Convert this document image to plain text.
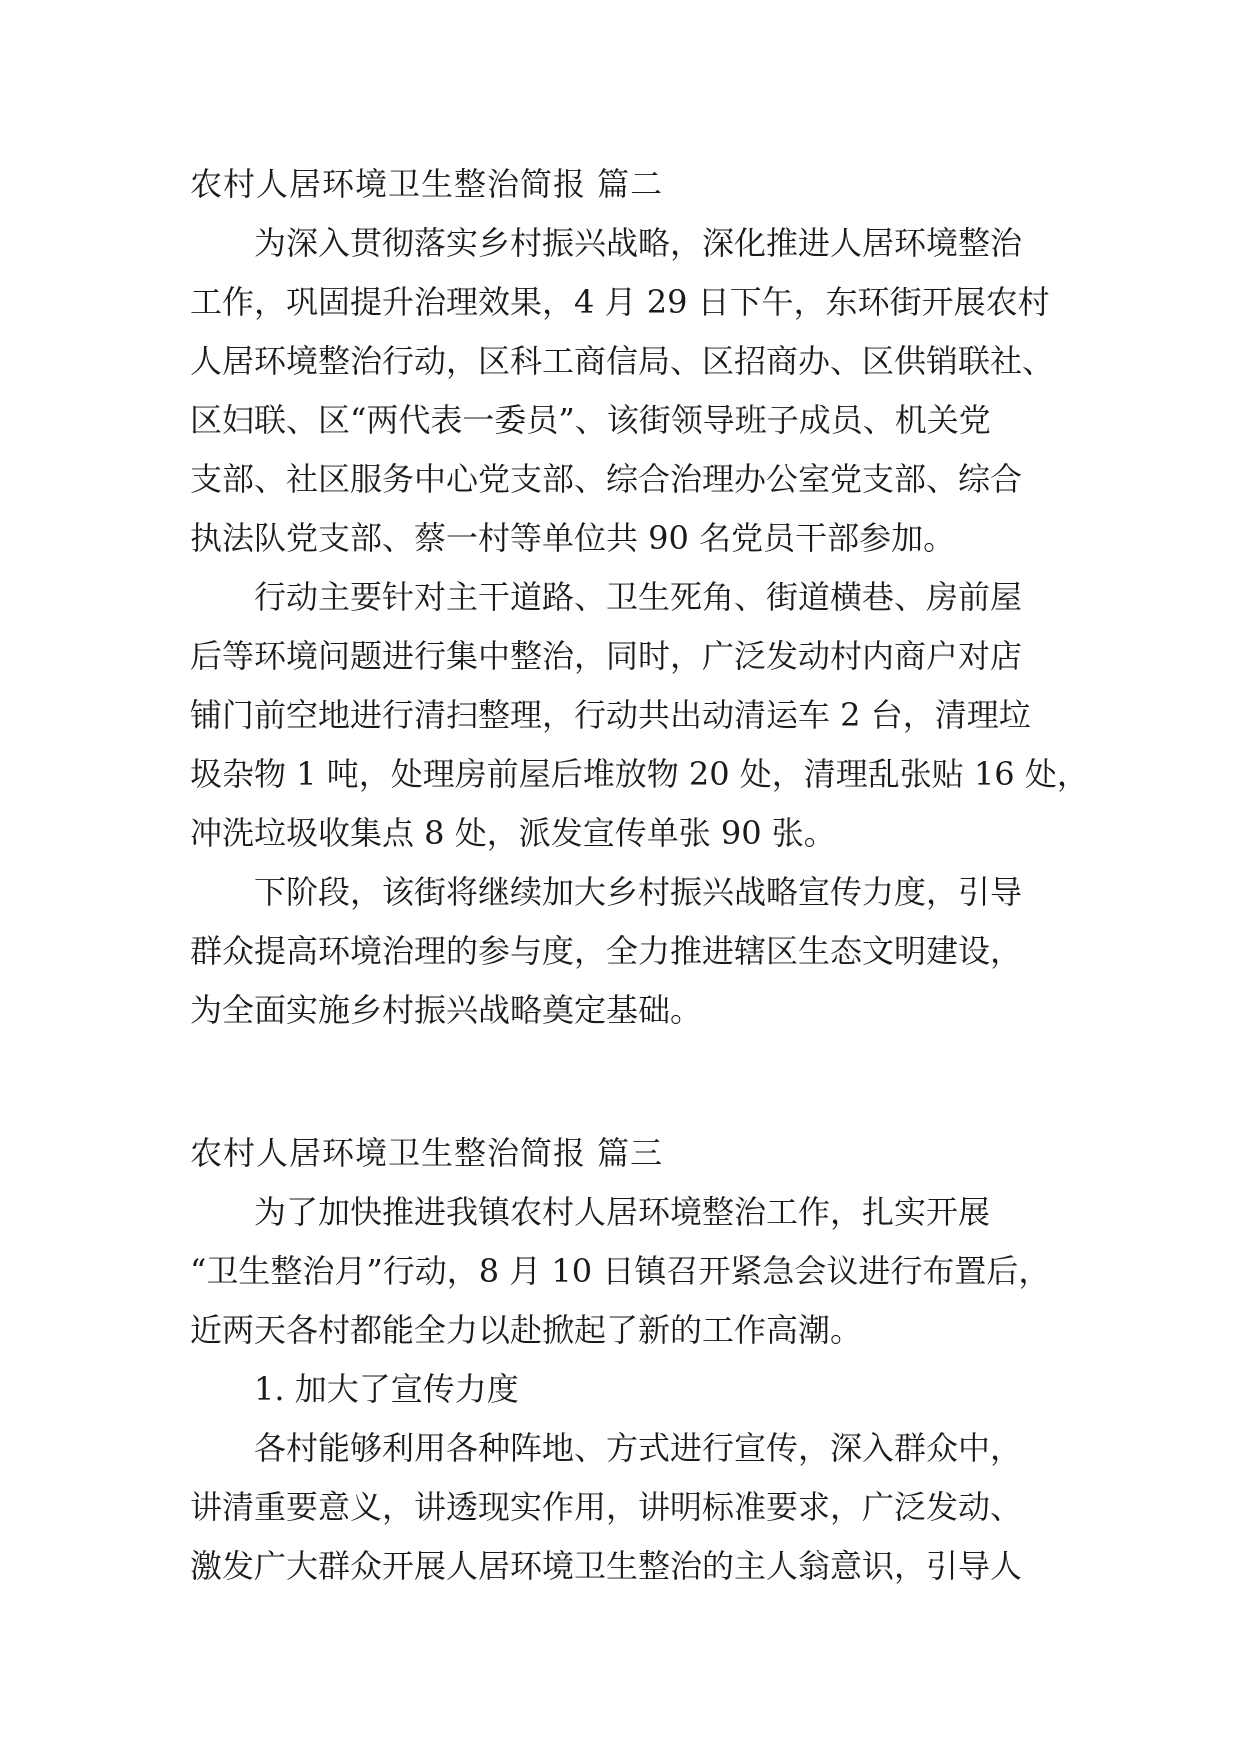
农村人居环境卫生整治简报 篇二
为深入贯彻落实乡村振兴战略，深化推进人居环境整治
工作，巩固提升治理效果，4 月 29 日下午，东环街开展农村
人居环境整治行动，区科工商信局、区招商办、区供销联社、
区妇联、区“两代表一委员”、该街领导班子成员、机关党
支部、社区服务中心党支部、综合治理办公室党支部、综合
执法队党支部、蔡一村等单位共 90 名党员干部参加。
行动主要针对主干道路、卫生死角、街道横巷、房前屋
后等环境问题进行集中整治，同时，广泛发动村内商户对店
铺门前空地进行清扫整理，行动共出动清运车 2 台，清理垃
圾杂物 1 吨，处理房前屋后堆放物 20 处，清理乱张贴 16 处，
冲洗垃圾收集点 8 处，派发宣传单张 90 张。
下阶段，该街将继续加大乡村振兴战略宣传力度，引导
群众提高环境治理的参与度，全力推进辖区生态文明建设，
为全面实施乡村振兴战略奠定基础。
农村人居环境卫生整治简报 篇三
为了加快推进我镇农村人居环境整治工作，扎实开展
“卫生整治月”行动，8 月 10 日镇召开紧急会议进行布置后，
近两天各村都能全力以赴掀起了新的工作高潮。
1. 加大了宣传力度
各村能够利用各种阵地、方式进行宣传，深入群众中，
讲清重要意义，讲透现实作用，讲明标准要求，广泛发动、
激发广大群众开展人居环境卫生整治的主人翁意识，引导人
